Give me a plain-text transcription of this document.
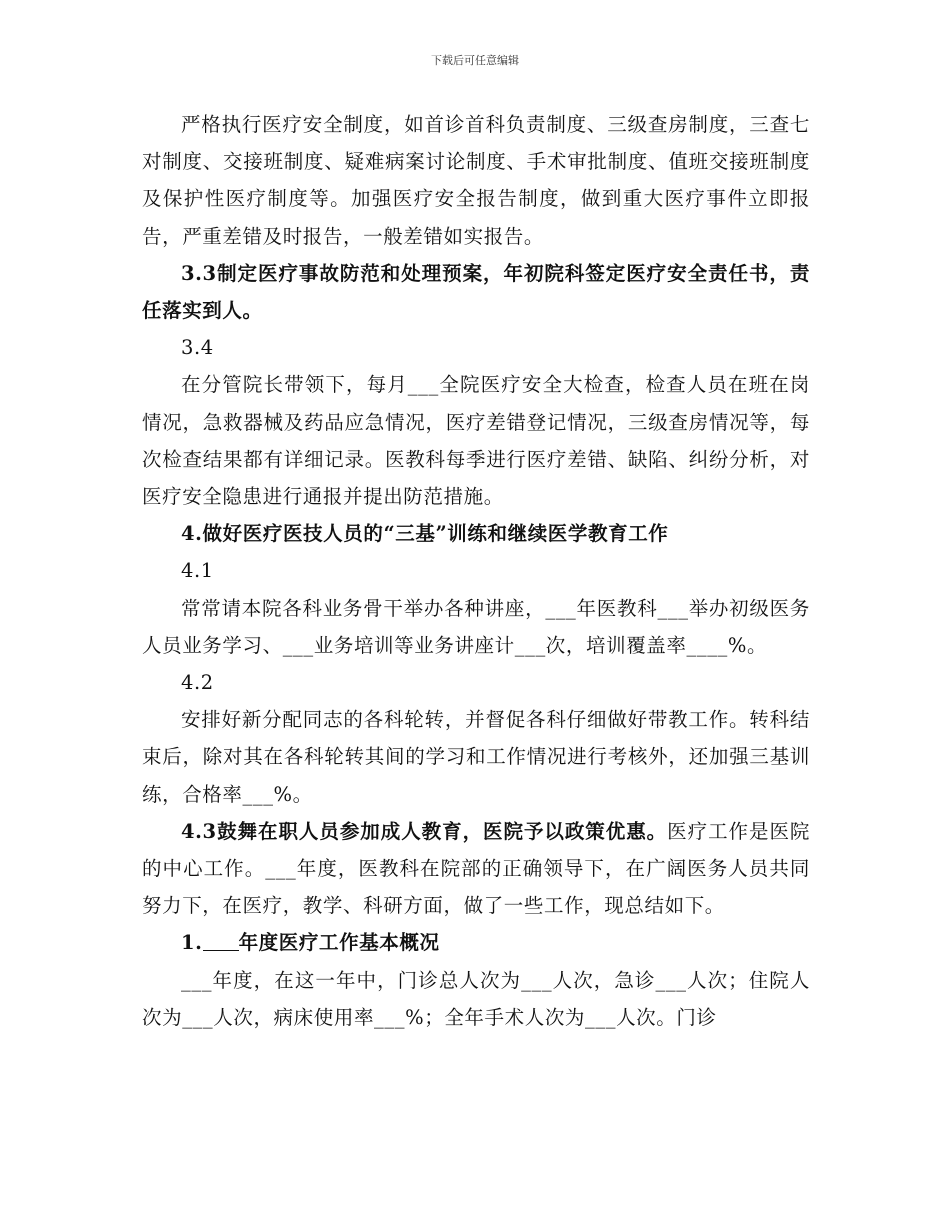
下载后可任意编辑

严格执行医疗安全制度，如首诊首科负责制度、三级查房制度，三查七对制度、交接班制度、疑难病案讨论制度、手术审批制度、值班交接班制度及保护性医疗制度等。加强医疗安全报告制度，做到重大医疗事件立即报告，严重差错及时报告，一般差错如实报告。

3.3制定医疗事故防范和处理预案，年初院科签定医疗安全责任书，责任落实到人。

3.4

在分管院长带领下，每月___全院医疗安全大检查，检查人员在班在岗情况，急救器械及药品应急情况，医疗差错登记情况，三级查房情况等，每次检查结果都有详细记录。医教科每季进行医疗差错、缺陷、纠纷分析，对医疗安全隐患进行通报并提出防范措施。

4.做好医疗医技人员的“三基”训练和继续医学教育工作

4.1

常常请本院各科业务骨干举办各种讲座，___年医教科___举办初级医务人员业务学习、___业务培训等业务讲座计___次，培训覆盖率____%。

4.2

安排好新分配同志的各科轮转，并督促各科仔细做好带教工作。转科结束后，除对其在各科轮转其间的学习和工作情况进行考核外，还加强三基训练，合格率___%。

4.3鼓舞在职人员参加成人教育，医院予以政策优惠。医疗工作是医院的中心工作。___年度，医教科在院部的正确领导下，在广阔医务人员共同努力下，在医疗，教学、科研方面，做了一些工作，现总结如下。

1. 年度医疗工作基本概况

___年度，在这一年中，门诊总人次为___人次，急诊___人次；住院人次为___人次，病床使用率___%；全年手术人次为___人次。门诊
